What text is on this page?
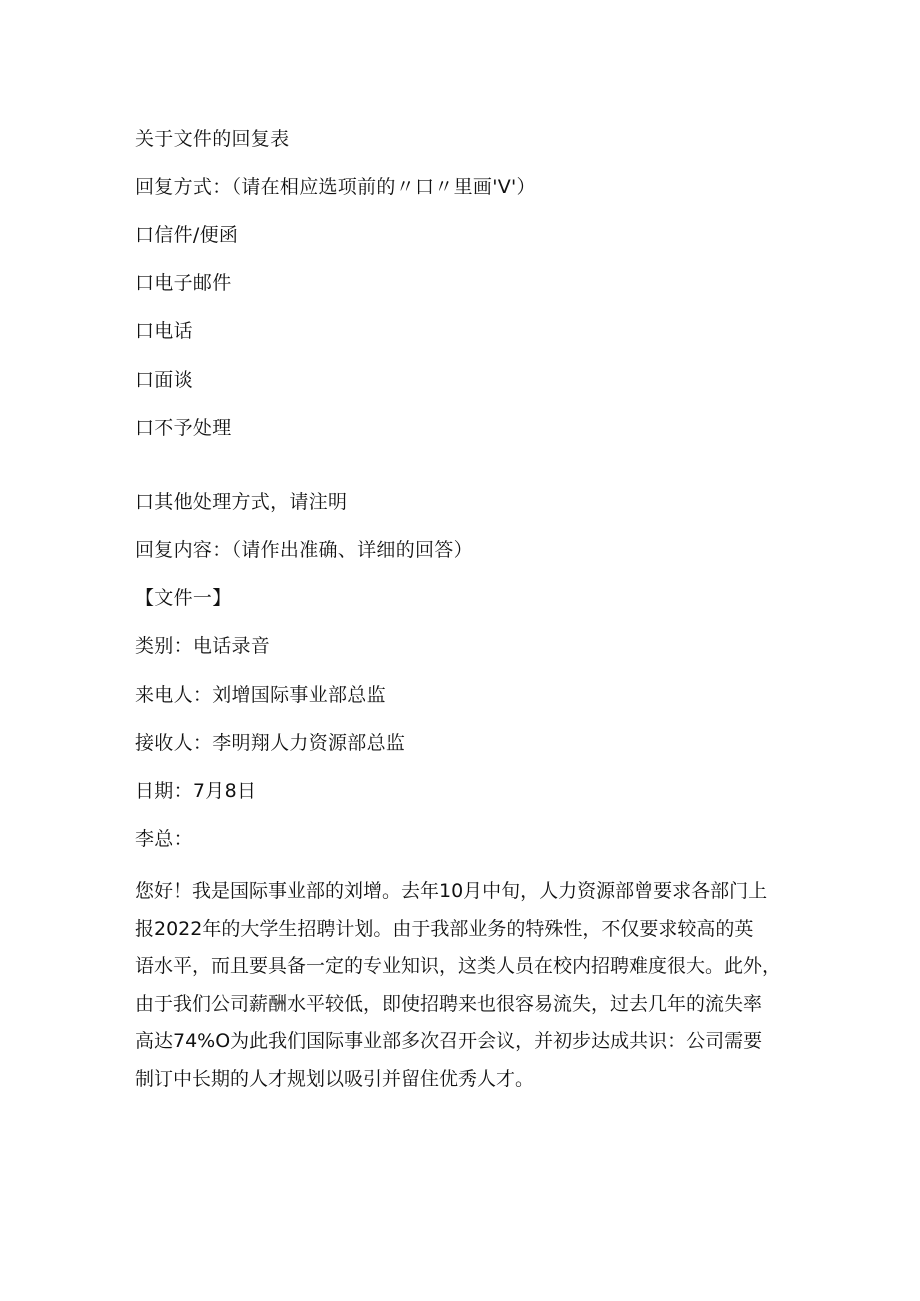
关于文件的回复表
回复方式：（请在相应选项前的〃口〃里画'V'）
口信件/便函
口电子邮件
口电话
口面谈
口不予处理
口其他处理方式，请注明
回复内容：（请作出准确、详细的回答）
【文件一】
类别：电话录音
来电人：刘增国际事业部总监
接收人：李明翔人力资源部总监
日期：7月8日
李总：
您好！我是国际事业部的刘增。去年10月中旬，人力资源部曾要求各部门上
报2022年的大学生招聘计划。由于我部业务的特殊性，不仅要求较高的英
语水平，而且要具备一定的专业知识，这类人员在校内招聘难度很大。此外，
由于我们公司薪酬水平较低，即使招聘来也很容易流失，过去几年的流失率
高达74%O为此我们国际事业部多次召开会议，并初步达成共识：公司需要
制订中长期的人才规划以吸引并留住优秀人才。
